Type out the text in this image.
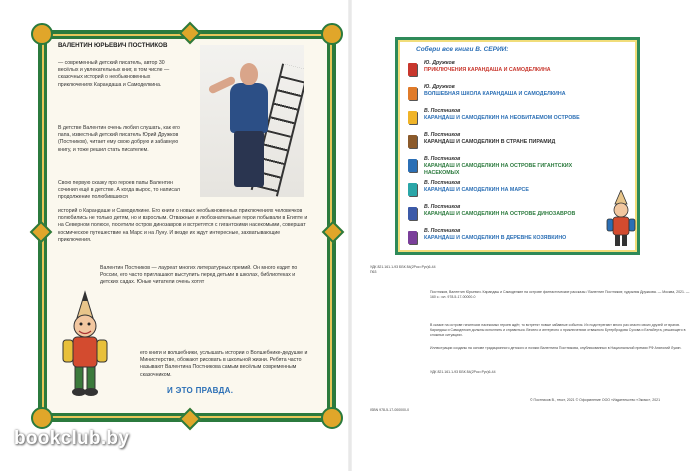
ВАЛЕНТИН ЮРЬЕВИЧ ПОСТНИКОВ
— современный детский писатель, автор 30 весёлых и увлекательных книг, в том числе — сказочных историй о необыкновенных приключениях Карандаша и Самоделкина.
В детстве Валентин очень любил слушать, как его папа, известный детский писатель Юрий Дружков (Постников), читает ему свою добрую и забавную книгу, и тоже решил стать писателем.
Свою первую сказку про героев папы Валентин сочинил ещё в детстве. А когда вырос, то написал продолжение полюбившихся
историй о Карандаше и Самоделкине. Его книги о новых необыкновенных приключениях человечков полюбились не только детям, но и взрослым. Отважные и любознательные герои побывали в Египте и на Северном полюсе, посетили остров динозавров и встретятся с гигантскими насекомыми, совершат космическое путешествие на Марс и на Луну. И везде их ждут интересные, захватывающие приключения.
Валентин Постников — лауреат многих литературных премий. Он много ездит по России, его часто приглашают выступить перед детьми в школах, библиотеках и детских садах. Юные читатели очень хотят
его книги и волшебники, услышать истории о Волшебнике-дедушке и Министерстве, обожают рисовать в школьной жизни. Ребята часто называют Валентина Постникова самым весёлым современным сказочником.
И ЭТО ПРАВДА.
Собери все книги В. СЕРИИ:
Ю. Дружков
ПРИКЛЮЧЕНИЯ КАРАНДАША И САМОДЕЛКИНА
Ю. Дружков
ВОЛШЕБНАЯ ШКОЛА КАРАНДАША И САМОДЕЛКИНА
В. Постников
КАРАНДАШ И САМОДЕЛКИН НА НЕОБИТАЕМОМ ОСТРОВЕ
В. Постников
КАРАНДАШ И САМОДЕЛКИН В СТРАНЕ ПИРАМИД
В. Постников
КАРАНДАШ И САМОДЕЛКИН НА ОСТРОВЕ ГИГАНТСКИХ НАСЕКОМЫХ
В. Постников
КАРАНДАШ И САМОДЕЛКИН НА МАРСЕ
В. Постников
КАРАНДАШ И САМОДЕЛКИН НА ОСТРОВЕ ДИНОЗАВРОВ
В. Постников
КАРАНДАШ И САМОДЕЛКИН В ДЕРЕВНЕ КОЗЯВКИНО
УДК 821.161.1-93 ББК 84(2Рос=Рус)6-44 П63
Постников, Валентин Юрьевич. Карандаш и Самоделкин на острове фантастические рассказы / Валентин Постников; художник Дружкова. — Москва, 2021. — 160 с.: ил. 978-5-17-00000-0
В сказке на острове гигантских насекомых героев ждёт, то встретят новые забавные события. Их подстерегают много раз спасти своих друзей от врагов. Карандаш и Самоделкин должны исполнить и справиться. Весело и интересно о приключениях отважного Бутербродова Сухова и Бельбеута, решающего в сложных ситуациях.
Иллюстрации созданы на основе традиционного детского и поэзии Валентина Постникова, опубликованных в Национальной премии РФ Анатолий Лукин.
УДК 821.161.1-93 ББК 84(2Рос=Рус)6-44
ISBN 978-5-17-000000-0
© Постников В., текст, 2021 © Оформление ООО «Издательство «Эксмо», 2021
bookclub.by
